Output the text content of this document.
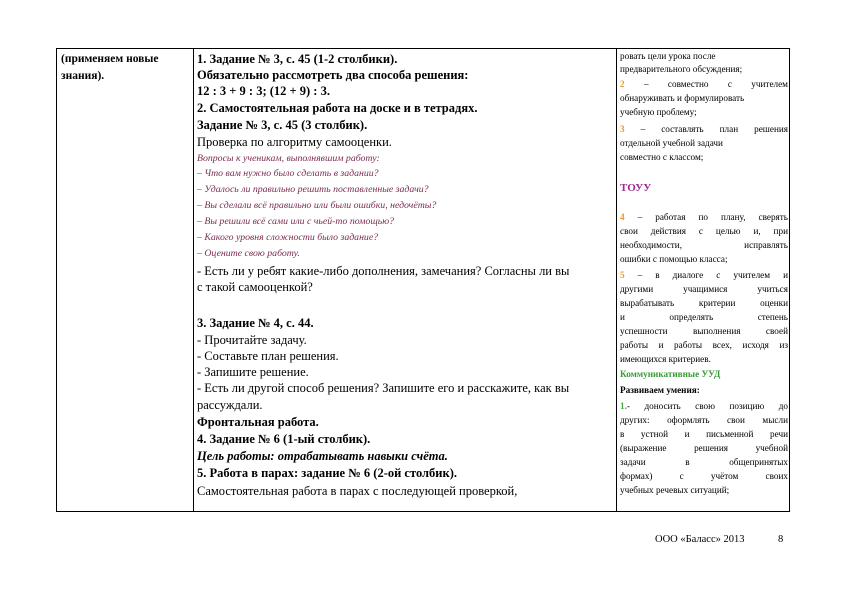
(применяем новые
знания).
1. Задание № 3, с. 45 (1-2 столбики).
Обязательно рассмотреть два способа решения:
12 : 3 + 9 : 3; (12 + 9) : 3.
2. Самостоятельная работа на доске и в тетрадях.
Задание № 3, с. 45 (3 столбик).
Проверка по алгоритму самооценки.
Вопросы к ученикам, выполнявшим работу:
– Что вам нужно было сделать в задании?
– Удалось ли правильно решить поставленные задачи?
– Вы сделали всё правильно или были ошибки, недочёты?
– Вы решили всё сами или с чьей-то помощью?
– Какого уровня сложности было задание?
– Оцените свою работу.
- Есть ли у ребят какие-либо дополнения, замечания? Согласны ли вы
с такой самооценкой?
3. Задание № 4, с. 44.
- Прочитайте задачу.
- Составьте план решения.
- Запишите решение.
- Есть ли другой способ решения? Запишите его и расскажите, как вы
рассуждали.
Фронтальная работа.
4. Задание № 6 (1-ый столбик).
Цель работы: отрабатывать навыки счёта.
5. Работа в парах: задание № 6 (2-ой столбик).
Самостоятельная работа в парах с последующей проверкой,
ровать цели урока после
предварительного обсуждения;
2 – совместно с учителем
обнаруживать и формулировать
учебную проблему;
3 – составлять план решения
отдельной учебной задачи
совместно с классом;
ТОУУ
4 – работая по плану, сверять
свои действия с целью и, при
необходимости, исправлять
ошибки с помощью класса;
5 – в диалоге с учителем и
другими учащимися учиться
вырабатывать критерии оценки
и определять степень
успешности выполнения своей
работы и работы всех, исходя из
имеющихся критериев.
Коммуникативные УУД
Развиваем умения:
1.- доносить свою позицию до
других: оформлять свои мысли
в устной и письменной речи
(выражение решения учебной
задачи в общепринятых
формах) с учётом своих
учебных речевых ситуаций;
ООО «Баласс» 2013	8
